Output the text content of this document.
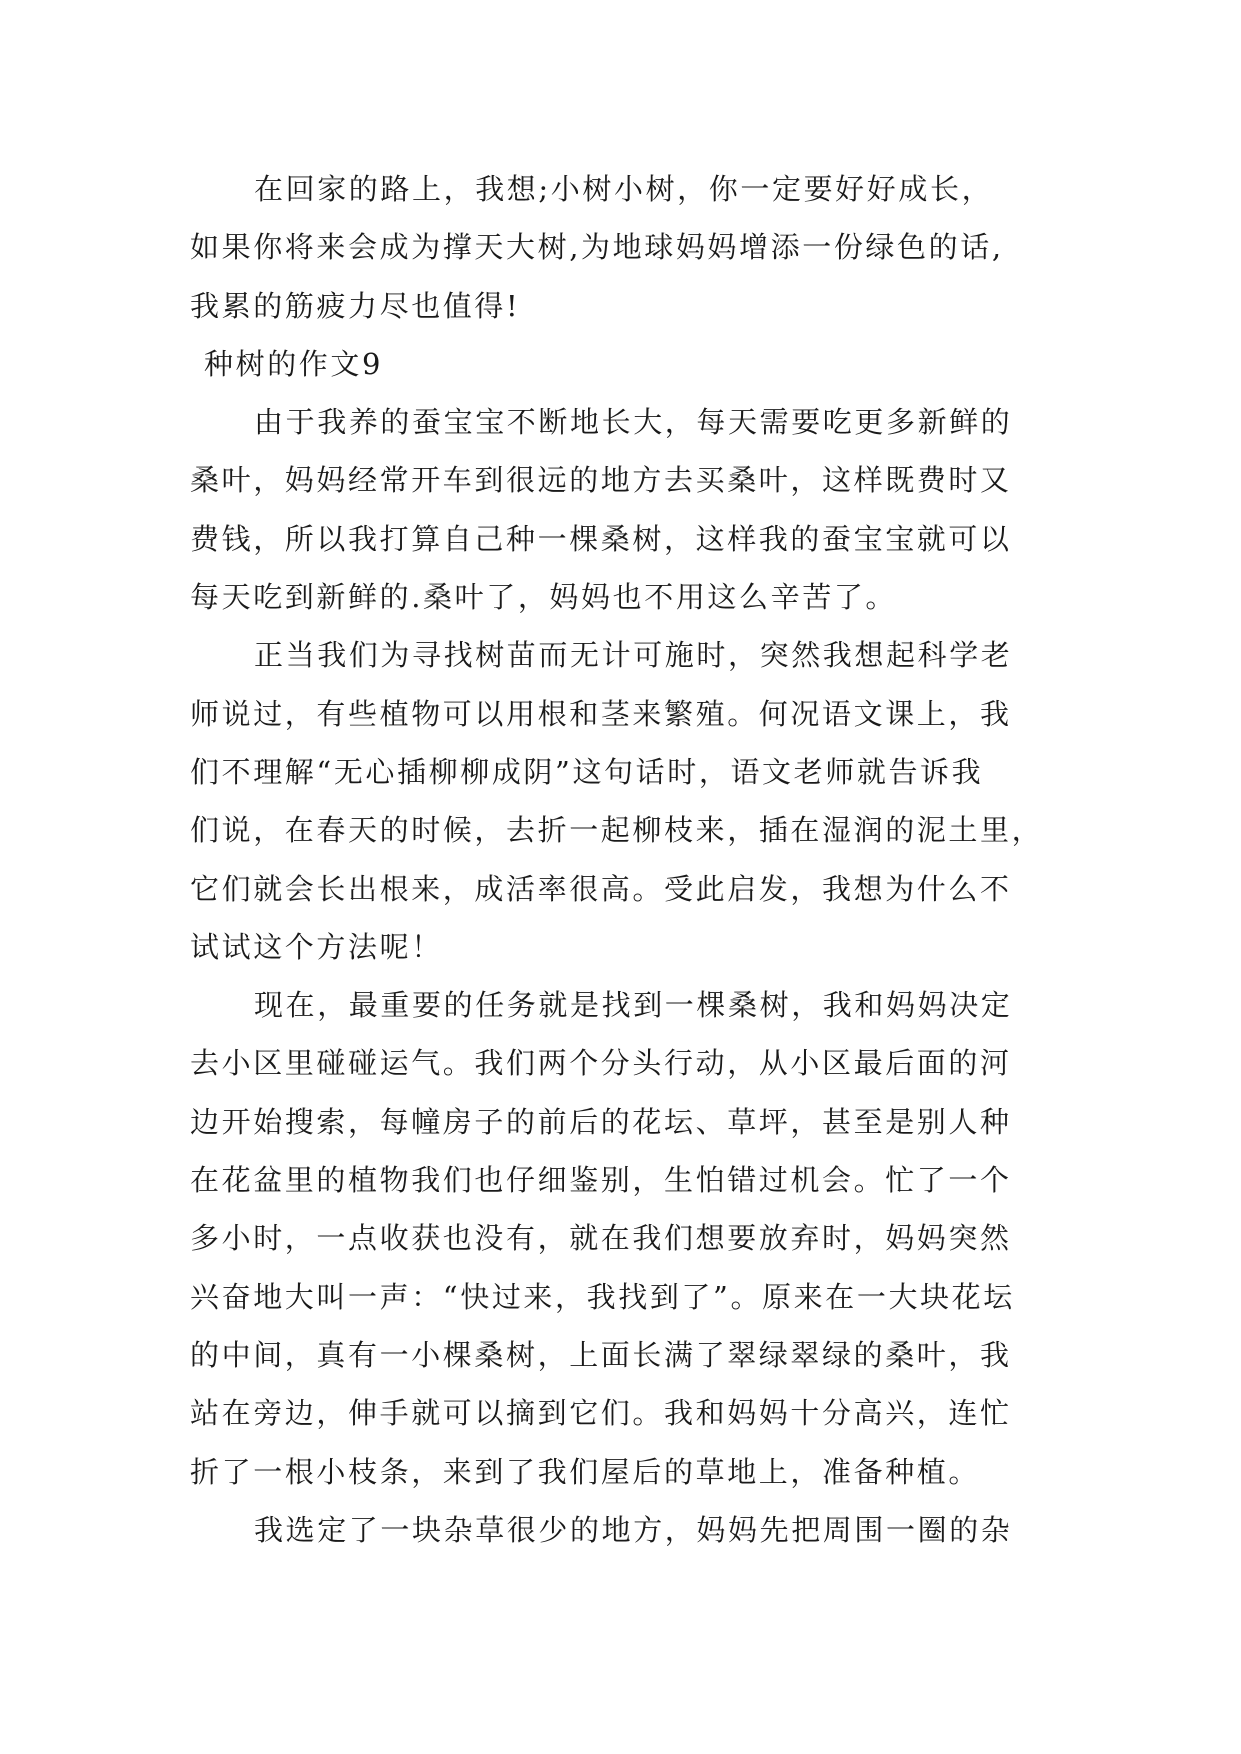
在回家的路上，我想;小树小树，你一定要好好成长，
如果你将来会成为撑天大树,为地球妈妈增添一份绿色的话,
我累的筋疲力尽也值得!
种树的作文9
由于我养的蚕宝宝不断地长大，每天需要吃更多新鲜的
桑叶，妈妈经常开车到很远的地方去买桑叶，这样既费时又
费钱，所以我打算自己种一棵桑树，这样我的蚕宝宝就可以
每天吃到新鲜的.桑叶了，妈妈也不用这么辛苦了。
正当我们为寻找树苗而无计可施时，突然我想起科学老
师说过，有些植物可以用根和茎来繁殖。何况语文课上，我
们不理解“无心插柳柳成阴”这句话时，语文老师就告诉我
们说，在春天的时候，去折一起柳枝来，插在湿润的泥土里，
它们就会长出根来，成活率很高。受此启发，我想为什么不
试试这个方法呢！
现在，最重要的任务就是找到一棵桑树，我和妈妈决定
去小区里碰碰运气。我们两个分头行动，从小区最后面的河
边开始搜索，每幢房子的前后的花坛、草坪，甚至是别人种
在花盆里的植物我们也仔细鉴别，生怕错过机会。忙了一个
多小时，一点收获也没有，就在我们想要放弃时，妈妈突然
兴奋地大叫一声：“快过来，我找到了”。原来在一大块花坛
的中间，真有一小棵桑树，上面长满了翠绿翠绿的桑叶，我
站在旁边，伸手就可以摘到它们。我和妈妈十分高兴，连忙
折了一根小枝条，来到了我们屋后的草地上，准备种植。
我选定了一块杂草很少的地方，妈妈先把周围一圈的杂
